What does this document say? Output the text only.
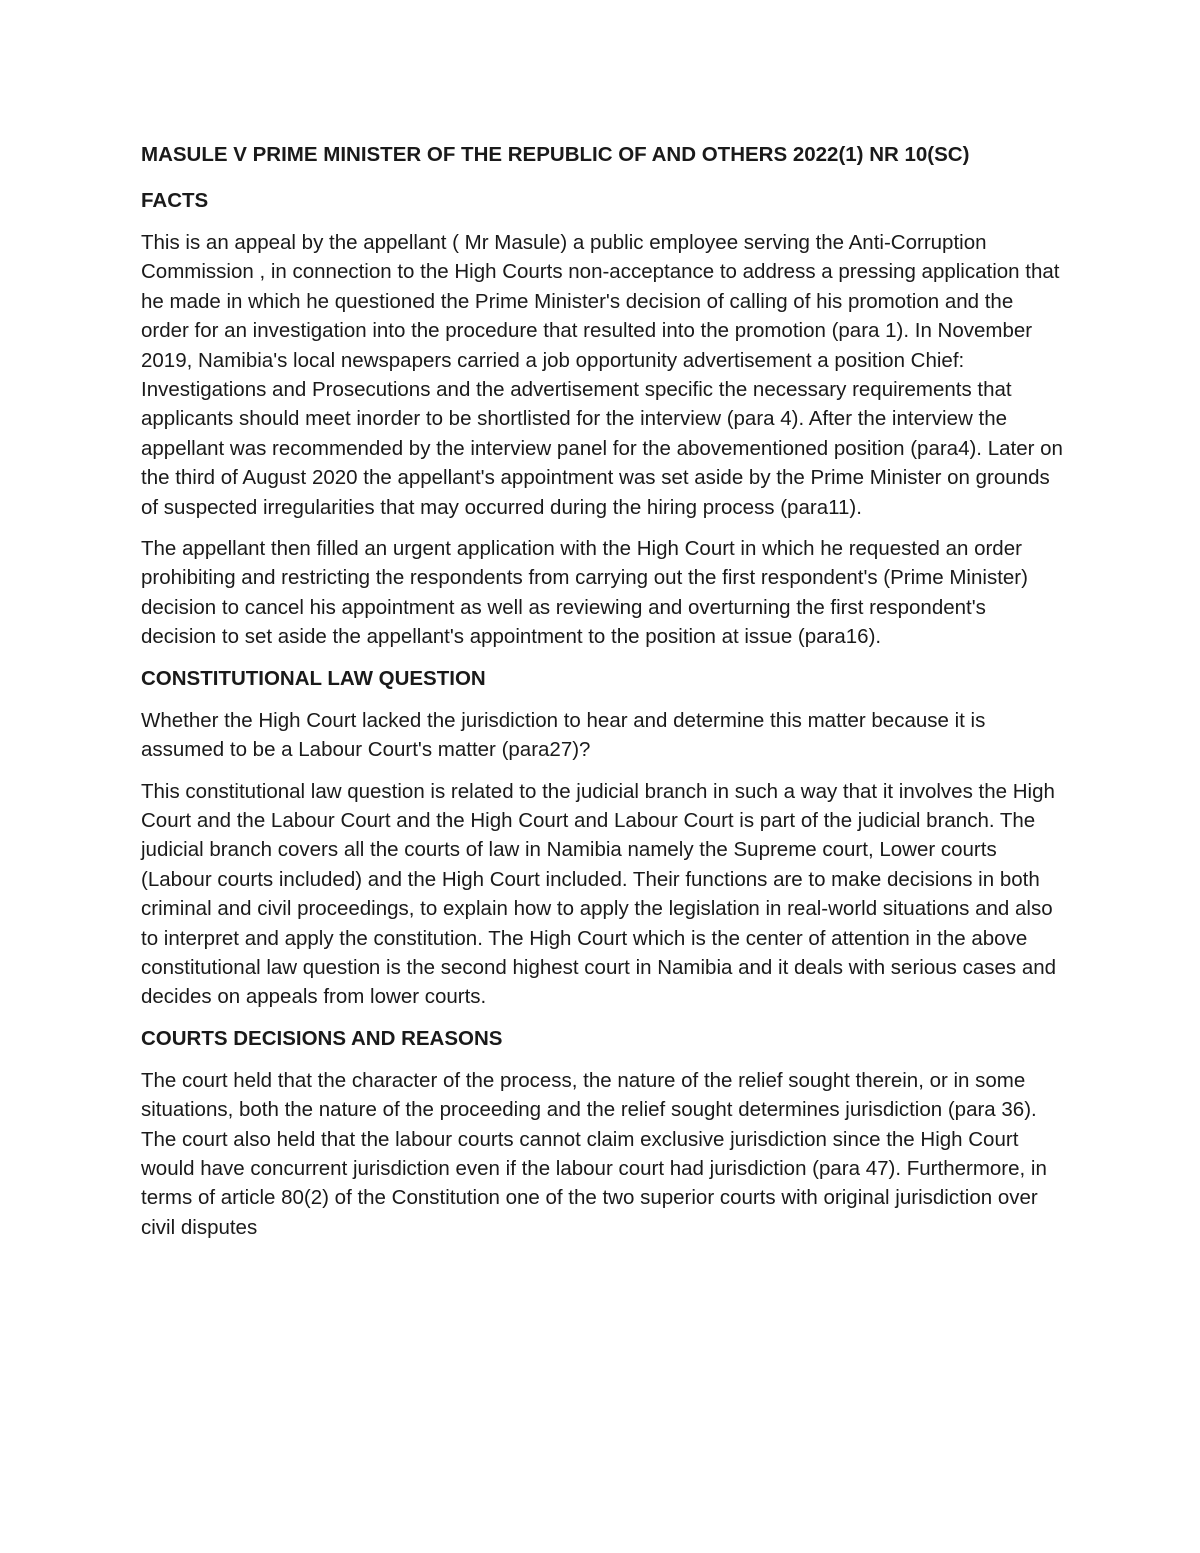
MASULE V PRIME MINISTER OF THE REPUBLIC OF AND OTHERS 2022(1) NR 10(SC)
FACTS

This is an appeal by the appellant ( Mr Masule) a public employee serving the Anti-Corruption Commission , in connection to the High Courts non-acceptance to address a pressing application that he made in which he questioned the Prime Minister's decision of calling of his promotion and the order for an investigation into the procedure that resulted into the promotion (para 1). In November 2019, Namibia's local newspapers carried a job opportunity advertisement a position Chief: Investigations and Prosecutions and the advertisement specific the necessary requirements that applicants should meet inorder to be shortlisted for the interview (para 4). After the interview the appellant was recommended by the interview panel for the abovementioned position (para4). Later on the third of August 2020 the appellant's appointment was set aside by the Prime Minister on grounds of suspected irregularities that may occurred during the hiring process (para11).

The appellant then filled an urgent application with the High Court in which he requested an order prohibiting and restricting the respondents from carrying out the first respondent's (Prime Minister) decision to cancel his appointment as well as reviewing and overturning the first respondent's decision to set aside the appellant's appointment to the position at issue (para16).

CONSTITUTIONAL LAW QUESTION

Whether the High Court lacked the jurisdiction to hear and determine this matter because it is assumed to be a Labour Court's matter (para27)?

This constitutional law question is related to the judicial branch in such a way that it involves the High Court and the Labour Court and the High Court and Labour Court is part of the judicial branch. The judicial branch covers all the courts of law in Namibia namely the Supreme court, Lower courts (Labour courts included) and the High Court included. Their functions are to make decisions in both criminal and civil proceedings, to explain how to apply the legislation in real-world situations and also to interpret and apply the constitution. The High Court which is the center of attention in the above constitutional law question is the second highest court in Namibia and it deals with serious cases and decides on appeals from lower courts.

COURTS DECISIONS AND REASONS

The court held that the character of the process, the nature of the relief sought therein, or in some situations, both the nature of the proceeding and the relief sought determines jurisdiction (para 36). The court also held that the labour courts cannot claim exclusive jurisdiction since the High Court would have concurrent jurisdiction even if the labour court had jurisdiction (para 47). Furthermore, in terms of article 80(2) of the Constitution one of the two superior courts with original jurisdiction over civil disputes
